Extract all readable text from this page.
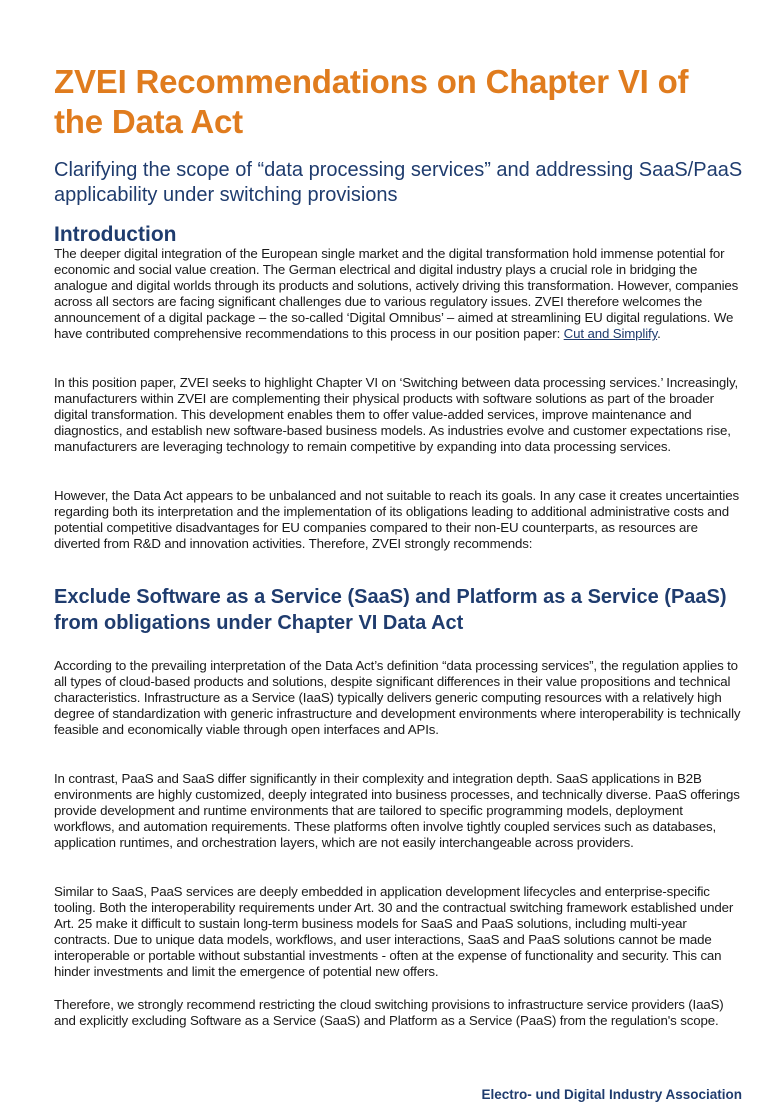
ZVEI Recommendations on Chapter VI of the Data Act
Clarifying the scope of “data processing services” and addressing SaaS/PaaS applicability under switching provisions
Introduction

The deeper digital integration of the European single market and the digital transformation hold immense potential for economic and social value creation. The German electrical and digital industry plays a crucial role in bridging the analogue and digital worlds through its products and solutions, actively driving this transformation. However, companies across all sectors are facing significant challenges due to various regulatory issues. ZVEI therefore welcomes the announcement of a digital package – the so-called ‘Digital Omnibus’ – aimed at streamlining EU digital regulations. We have contributed comprehensive recommendations to this process in our position paper: Cut and Simplify.

In this position paper, ZVEI seeks to highlight Chapter VI on ‘Switching between data processing services.’ Increasingly, manufacturers within ZVEI are complementing their physical products with software solutions as part of the broader digital transformation. This development enables them to offer value-added services, improve maintenance and diagnostics, and establish new software-based business models. As industries evolve and customer expectations rise, manufacturers are leveraging technology to remain competitive by expanding into data processing services.

However, the Data Act appears to be unbalanced and not suitable to reach its goals. In any case it creates uncertainties regarding both its interpretation and the implementation of its obligations leading to additional administrative costs and potential competitive disadvantages for EU companies compared to their non-EU counterparts, as resources are diverted from R&D and innovation activities. Therefore, ZVEI strongly recommends:

Exclude Software as a Service (SaaS) and Platform as a Service (PaaS) from obligations under Chapter VI Data Act

According to the prevailing interpretation of the Data Act’s definition “data processing services”, the regulation applies to all types of cloud-based products and solutions, despite significant differences in their value propositions and technical characteristics. Infrastructure as a Service (IaaS) typically delivers generic computing resources with a relatively high degree of standardization with generic infrastructure and development environments where interoperability is technically feasible and economically viable through open interfaces and APIs.

In contrast, PaaS and SaaS differ significantly in their complexity and integration depth. SaaS applications in B2B environments are highly customized, deeply integrated into business processes, and technically diverse. PaaS offerings provide development and runtime environments that are tailored to specific programming models, deployment workflows, and automation requirements. These platforms often involve tightly coupled services such as databases, application runtimes, and orchestration layers, which are not easily interchangeable across providers.

Similar to SaaS, PaaS services are deeply embedded in application development lifecycles and enterprise-specific tooling. Both the interoperability requirements under Art. 30 and the contractual switching framework established under Art. 25 make it difficult to sustain long-term business models for SaaS and PaaS solutions, including multi-year contracts. Due to unique data models, workflows, and user interactions, SaaS and PaaS solutions cannot be made interoperable or portable without substantial investments - often at the expense of functionality and security. This can hinder investments and limit the emergence of potential new offers.

Therefore, we strongly recommend restricting the cloud switching provisions to infrastructure service providers (IaaS) and explicitly excluding Software as a Service (SaaS) and Platform as a Service (PaaS) from the regulation's scope.

Electro- und Digital Industry Association
